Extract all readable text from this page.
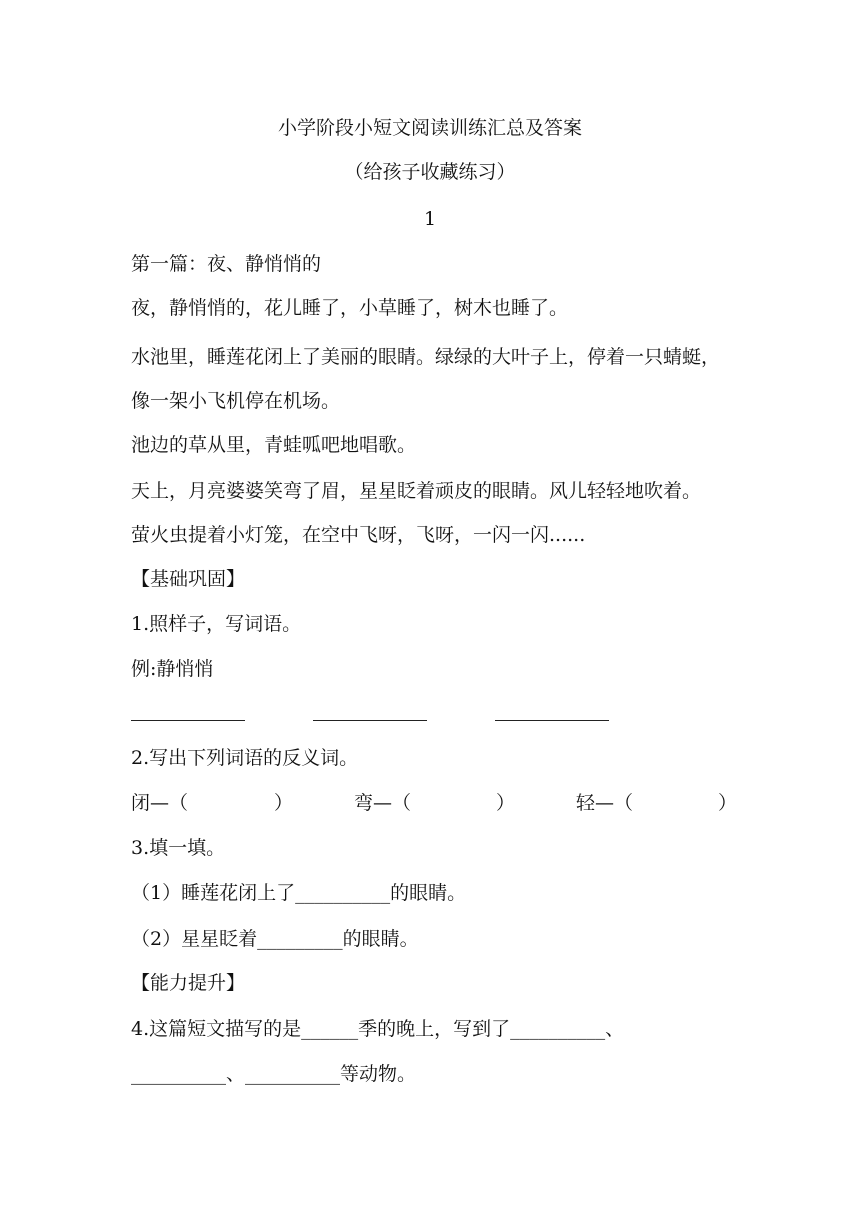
小学阶段小短文阅读训练汇总及答案
（给孩子收藏练习）
1
第一篇：夜、静悄悄的
夜，静悄悄的，花儿睡了，小草睡了，树木也睡了。
水池里，睡莲花闭上了美丽的眼睛。绿绿的大叶子上，停着一只蜻蜓，
像一架小飞机停在机场。
池边的草从里，青蛙呱吧地唱歌。
天上，月亮婆婆笑弯了眉，星星眨着顽皮的眼睛。风儿轻轻地吹着。
萤火虫提着小灯笼，在空中飞呀，飞呀，一闪一闪......
【基础巩固】
1.照样子，写词语。
例:静悄悄
2.写出下列词语的反义词。
闭—（	）	弯—（	）	轻—（	）
3.填一填。
（1）睡莲花闭上了__________的眼睛。
（2）星星眨着_________的眼睛。
【能力提升】
4.这篇短文描写的是______季的晚上，写到了__________、
__________、__________等动物。
